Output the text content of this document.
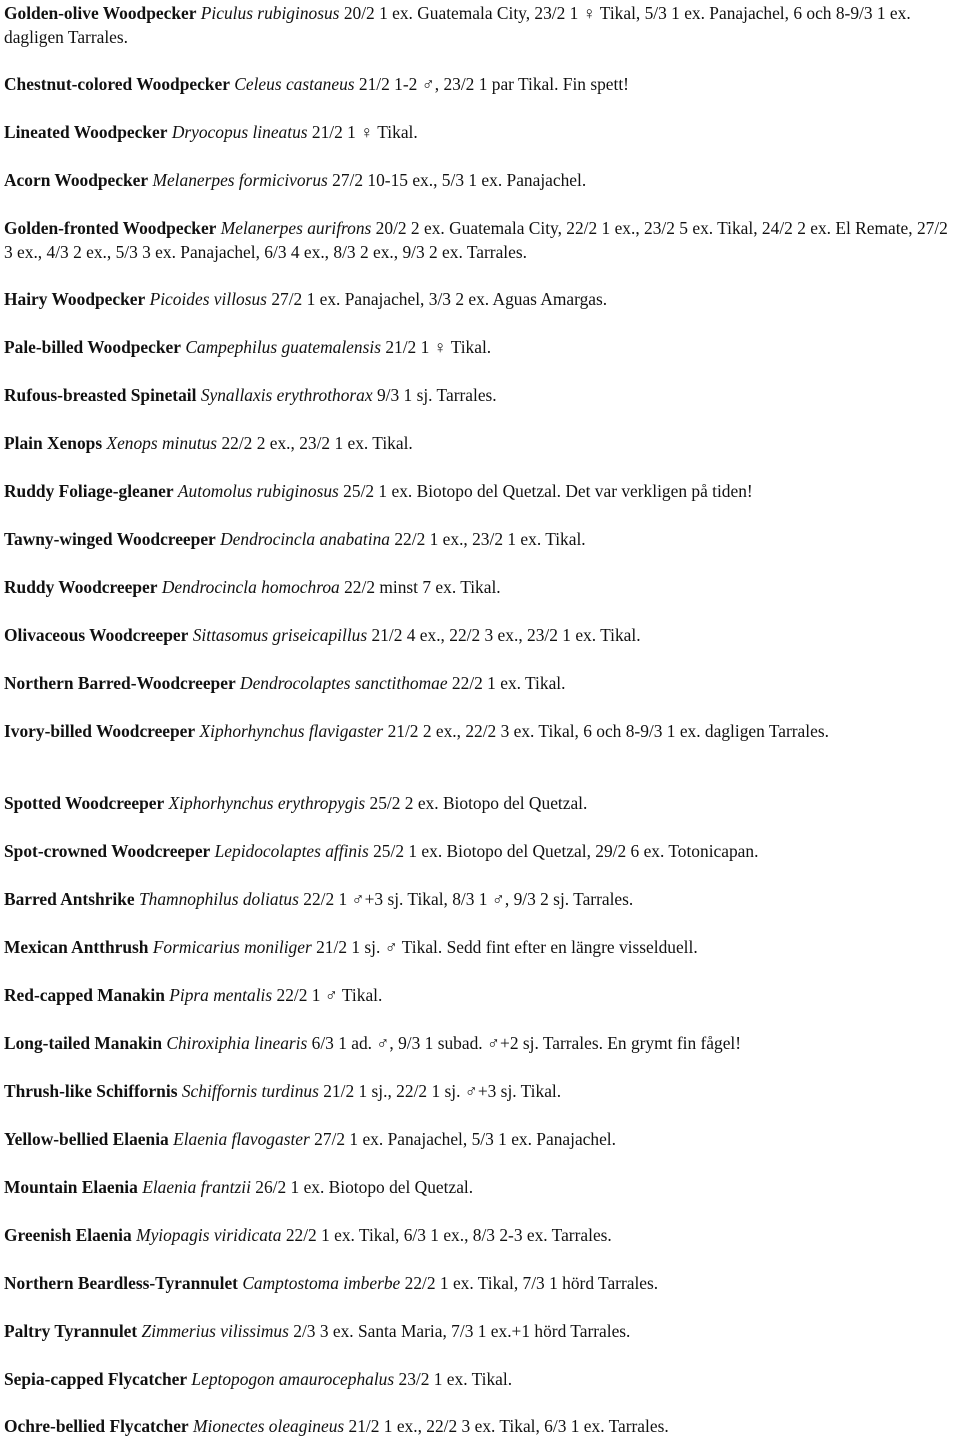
Golden-olive Woodpecker Piculus rubiginosus 20/2 1 ex. Guatemala City, 23/2 1 ♀ Tikal, 5/3 1 ex. Panajachel, 6 och 8-9/3 1 ex. dagligen Tarrales.

Chestnut-colored Woodpecker Celeus castaneus 21/2 1-2 ♂, 23/2 1 par Tikal. Fin spett!

Lineated Woodpecker Dryocopus lineatus 21/2 1 ♀ Tikal.

Acorn Woodpecker Melanerpes formicivorus 27/2 10-15 ex., 5/3 1 ex. Panajachel.

Golden-fronted Woodpecker Melanerpes aurifrons 20/2 2 ex. Guatemala City, 22/2 1 ex., 23/2 5 ex. Tikal, 24/2 2 ex. El Remate, 27/2 3 ex., 4/3 2 ex., 5/3 3 ex. Panajachel, 6/3 4 ex., 8/3 2 ex., 9/3 2 ex. Tarrales.

Hairy Woodpecker Picoides villosus 27/2 1 ex. Panajachel, 3/3 2 ex. Aguas Amargas.

Pale-billed Woodpecker Campephilus guatemalensis 21/2 1 ♀ Tikal.

Rufous-breasted Spinetail Synallaxis erythrothorax 9/3 1 sj. Tarrales.

Plain Xenops Xenops minutus 22/2 2 ex., 23/2 1 ex. Tikal.

Ruddy Foliage-gleaner Automolus rubiginosus 25/2 1 ex. Biotopo del Quetzal. Det var verkligen på tiden!

Tawny-winged Woodcreeper Dendrocincla anabatina 22/2 1 ex., 23/2 1 ex. Tikal.

Ruddy Woodcreeper Dendrocincla homochroa 22/2 minst 7 ex. Tikal.

Olivaceous Woodcreeper Sittasomus griseicapillus 21/2 4 ex., 22/2 3 ex., 23/2 1 ex. Tikal.

Northern Barred-Woodcreeper Dendrocolaptes sanctithomae 22/2 1 ex. Tikal.

Ivory-billed Woodcreeper Xiphorhynchus flavigaster 21/2 2 ex., 22/2 3 ex. Tikal, 6 och 8-9/3 1 ex. dagligen Tarrales.

Spotted Woodcreeper Xiphorhynchus erythropygis 25/2 2 ex. Biotopo del Quetzal.

Spot-crowned Woodcreeper Lepidocolaptes affinis 25/2 1 ex. Biotopo del Quetzal, 29/2 6 ex. Totonicapan.

Barred Antshrike Thamnophilus doliatus 22/2 1 ♂+3 sj. Tikal, 8/3 1 ♂, 9/3 2 sj. Tarrales.

Mexican Antthrush Formicarius moniliger 21/2 1 sj. ♂ Tikal. Sedd fint efter en längre visselduell.

Red-capped Manakin Pipra mentalis 22/2 1 ♂ Tikal.

Long-tailed Manakin Chiroxiphia linearis 6/3 1 ad. ♂, 9/3 1 subad. ♂+2 sj. Tarrales. En grymt fin fågel!

Thrush-like Schiffornis Schiffornis turdinus 21/2 1 sj., 22/2 1 sj. ♂+3 sj. Tikal.

Yellow-bellied Elaenia Elaenia flavogaster 27/2 1 ex. Panajachel, 5/3 1 ex. Panajachel.

Mountain Elaenia Elaenia frantzii 26/2 1 ex. Biotopo del Quetzal.

Greenish Elaenia Myiopagis viridicata 22/2 1 ex. Tikal, 6/3 1 ex., 8/3 2-3 ex. Tarrales.

Northern Beardless-Tyrannulet Camptostoma imberbe 22/2 1 ex. Tikal, 7/3 1 hörd Tarrales.

Paltry Tyrannulet Zimmerius vilissimus 2/3 3 ex. Santa Maria, 7/3 1 ex.+1 hörd Tarrales.

Sepia-capped Flycatcher Leptopogon amaurocephalus 23/2 1 ex. Tikal.

Ochre-bellied Flycatcher Mionectes oleagineus 21/2 1 ex., 22/2 3 ex. Tikal, 6/3 1 ex. Tarrales.
